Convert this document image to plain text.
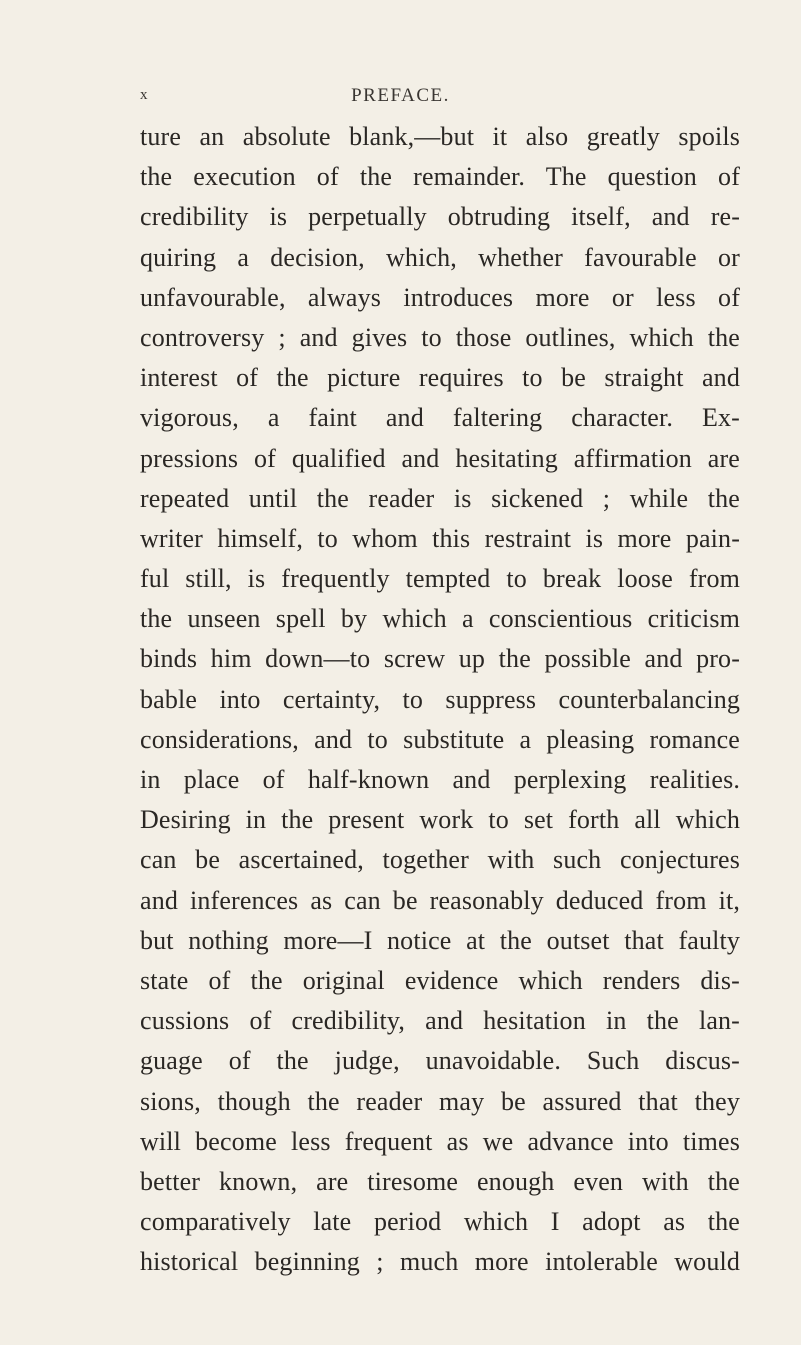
x	PREFACE.
ture an absolute blank,—but it also greatly spoils
the execution of the remainder. The question of
credibility is perpetually obtruding itself, and re-
quiring a decision, which, whether favourable or
unfavourable, always introduces more or less of
controversy ; and gives to those outlines, which the
interest of the picture requires to be straight and
vigorous, a faint and faltering character. Ex-
pressions of qualified and hesitating affirmation are
repeated until the reader is sickened ; while the
writer himself, to whom this restraint is more pain-
ful still, is frequently tempted to break loose from
the unseen spell by which a conscientious criticism
binds him down—to screw up the possible and pro-
bable into certainty, to suppress counterbalancing
considerations, and to substitute a pleasing romance
in place of half-known and perplexing realities.
Desiring in the present work to set forth all which
can be ascertained, together with such conjectures
and inferences as can be reasonably deduced from it,
but nothing more—I notice at the outset that faulty
state of the original evidence which renders dis-
cussions of credibility, and hesitation in the lan-
guage of the judge, unavoidable. Such discus-
sions, though the reader may be assured that they
will become less frequent as we advance into times
better known, are tiresome enough even with the
comparatively late period which I adopt as the
historical beginning ; much more intolerable would
